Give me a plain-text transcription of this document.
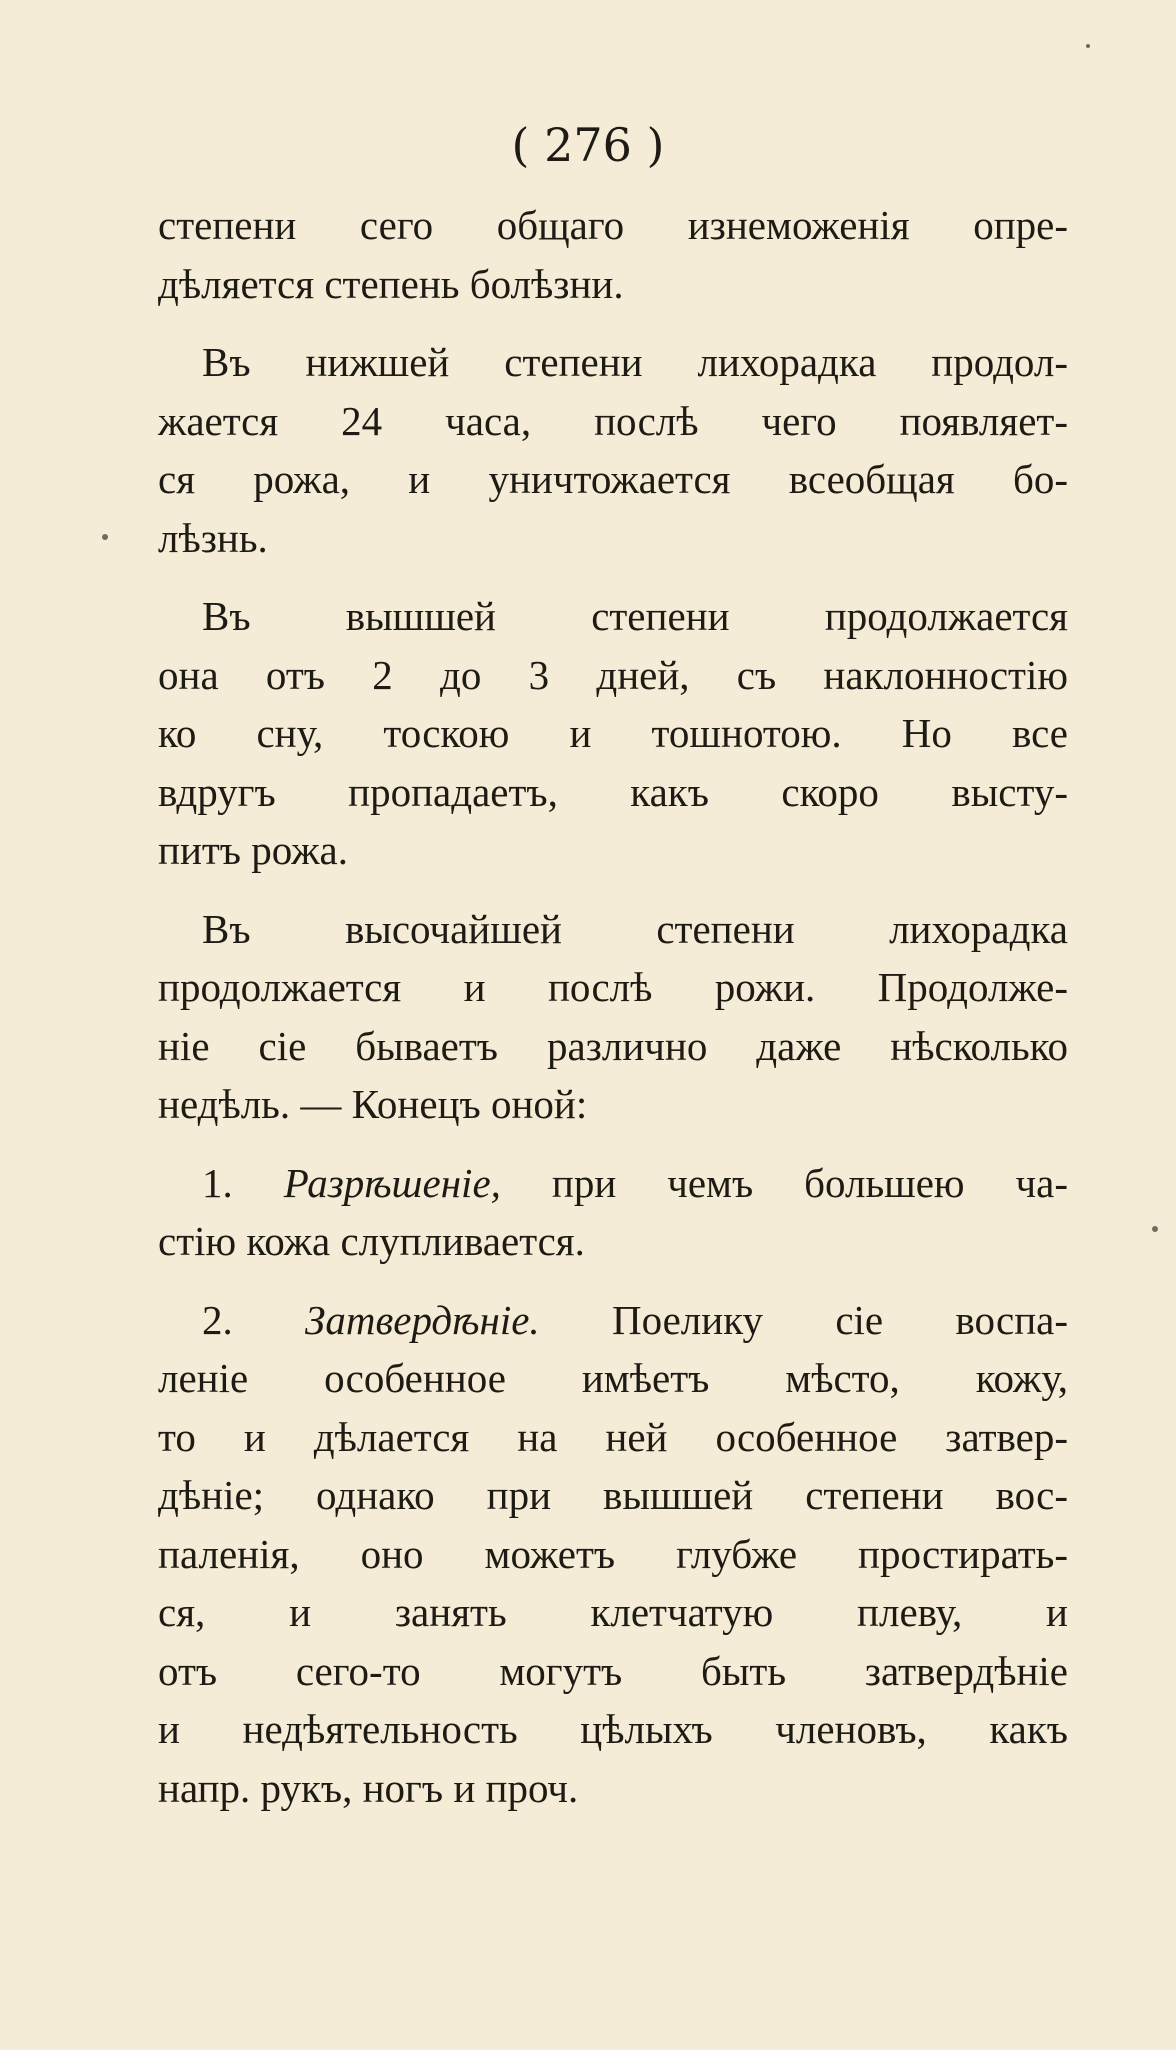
( 276 )

степени сего общаго изнеможенія опре-
дѣляется степень болѣзни.

Въ нижшей степени лихорадка продол-
жается 24 часа, послѣ чего появляет-
ся рожа, и уничтожается всеобщая бо-
лѣзнь.

Въ вышшей степени продолжается
она отъ 2 до 3 дней, съ наклонностію
ко сну, тоскою и тошнотою. Но все
вдругъ пропадаетъ, какъ скоро высту-
питъ рожа.

Въ высочайшей степени лихорадка
продолжается и послѣ рожи. Продолже-
ніе сіе бываетъ различно даже нѣсколько
недѣль. — Конецъ оной:

1. Разрѣшеніе, при чемъ большею ча-
стію кожа слупливается.

2. Затвердѣніе. Поелику сіе воспа-
леніе особенное имѣетъ мѣсто, кожу,
то и дѣлается на ней особенное затвер-
дѣніе; однако при вышшей степени вос-
паленія, оно можетъ глубже простирать-
ся, и занять клетчатую плеву, и
отъ сего-то могутъ быть затвердѣніе
и недѣятельность цѣлыхъ членовъ, какъ
напр. рукъ, ногъ и проч.
